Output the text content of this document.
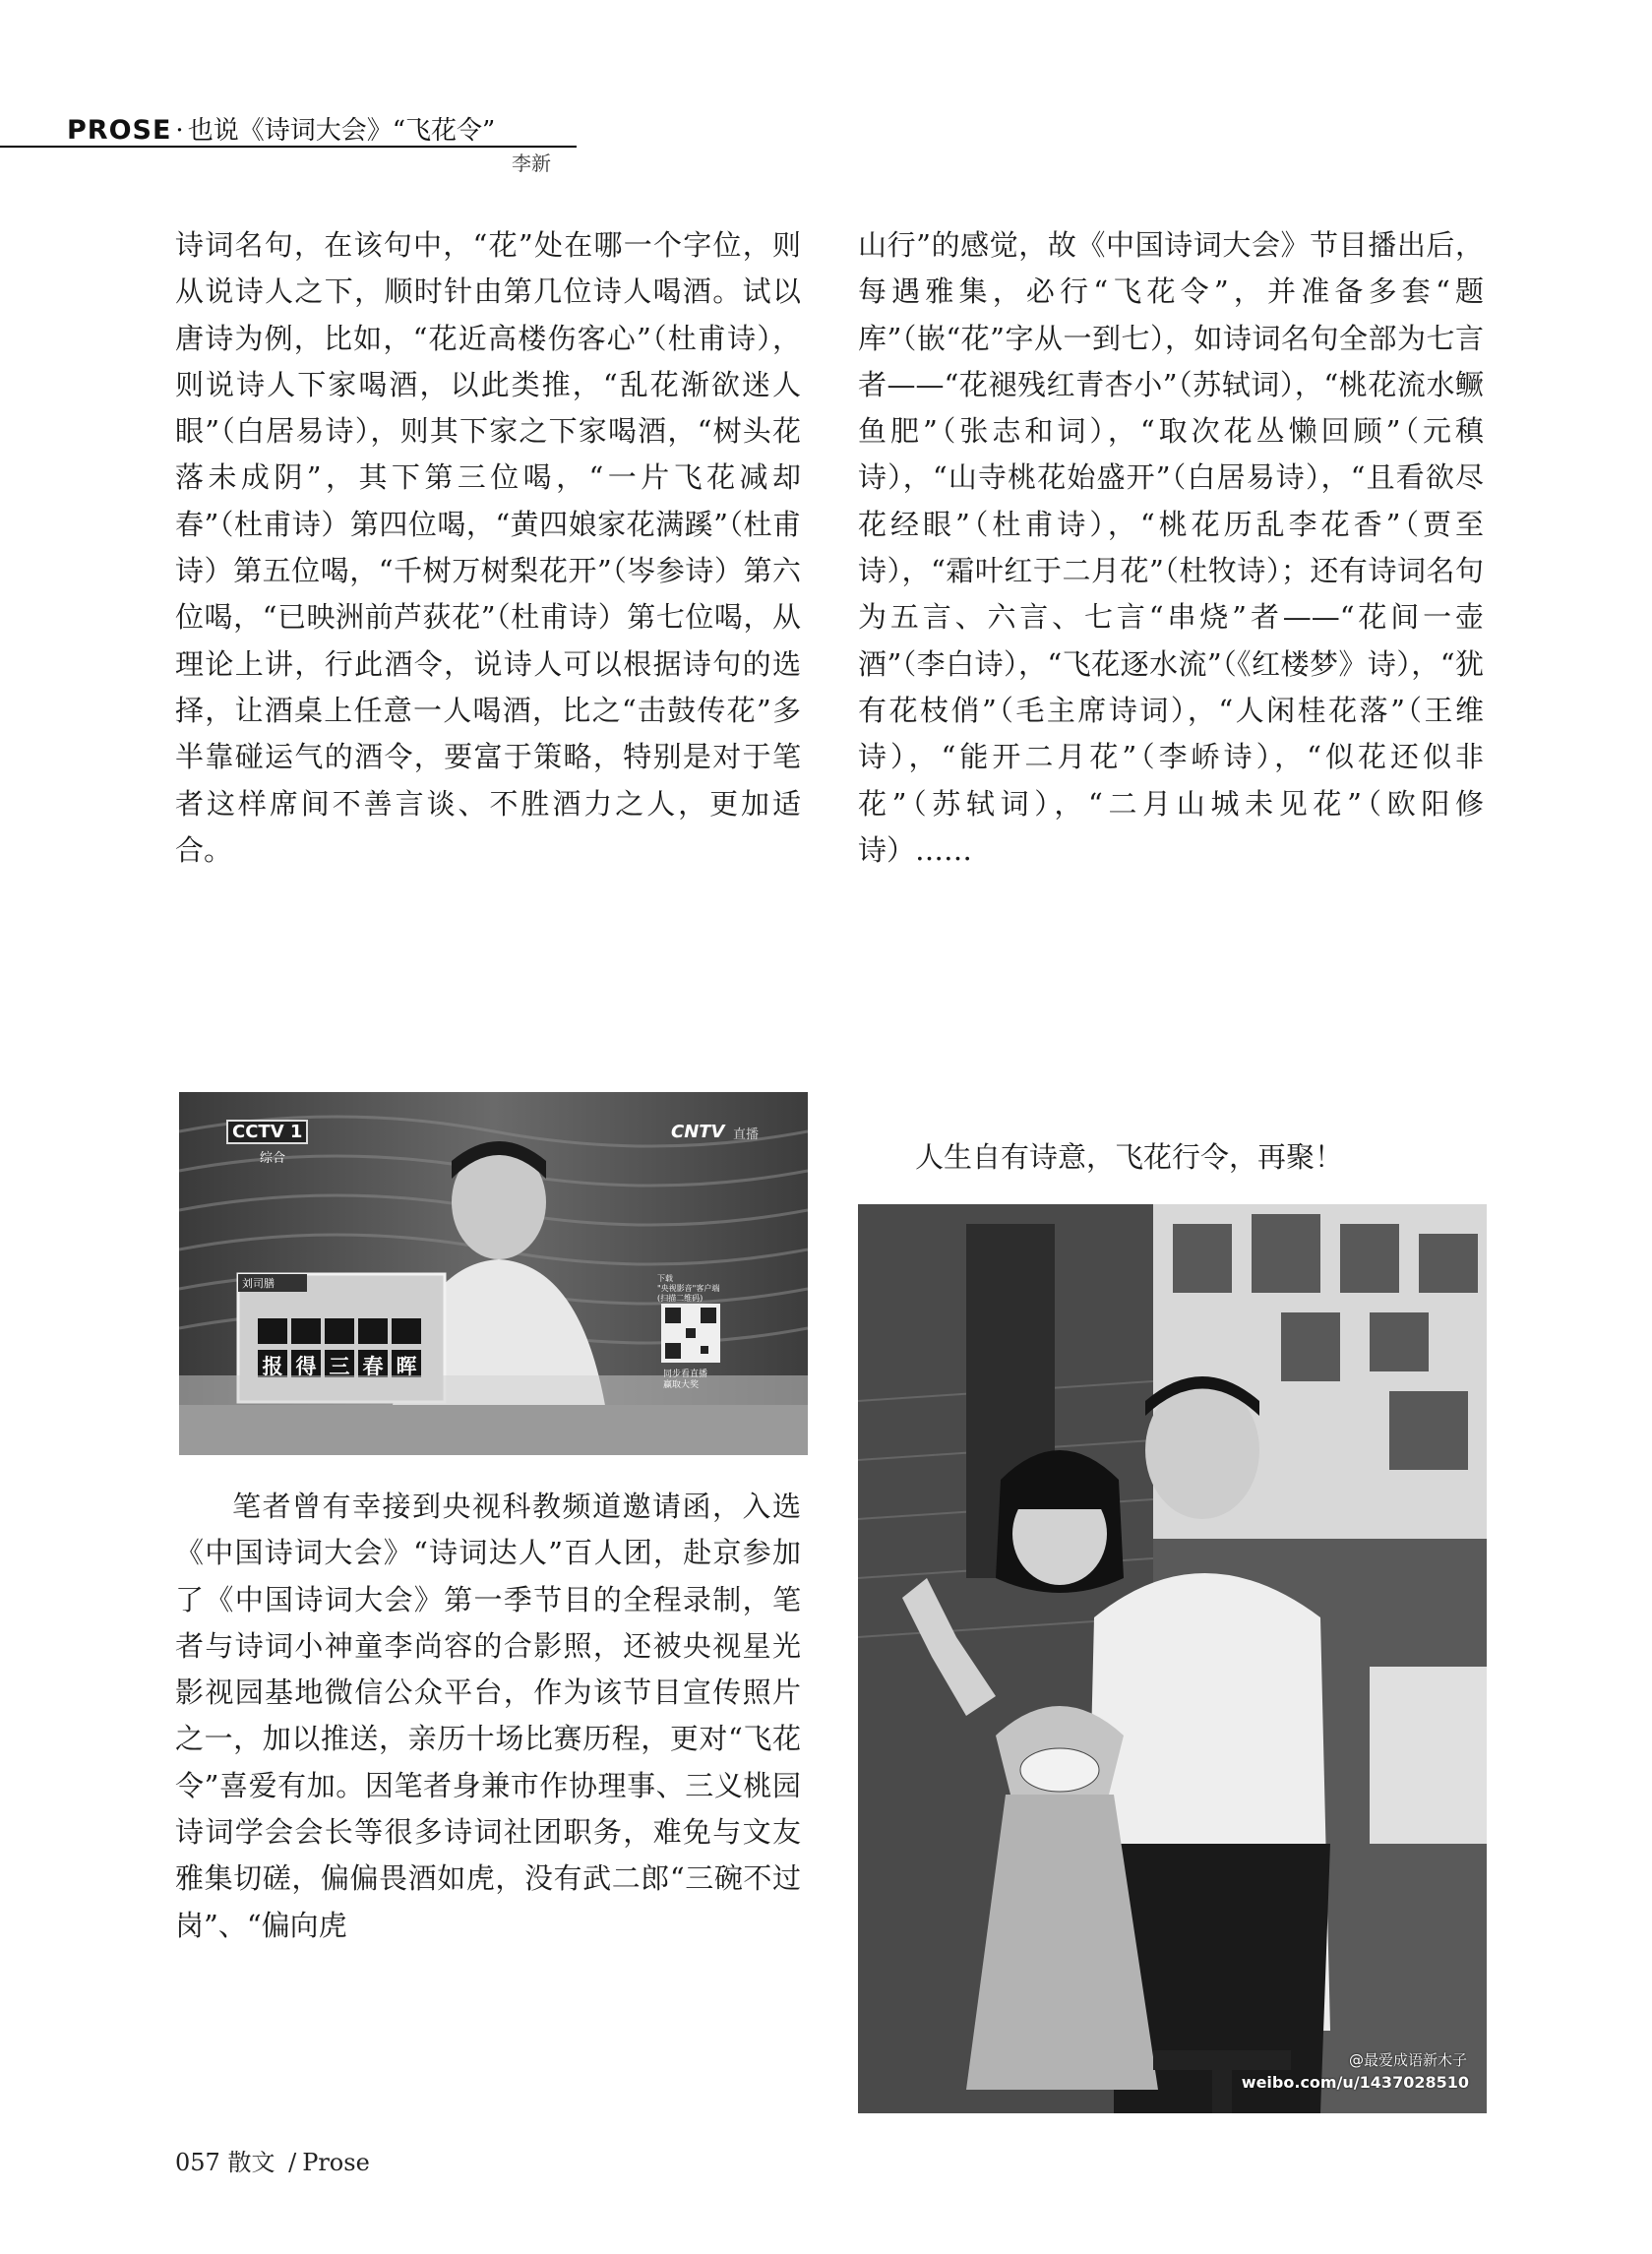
PROSE · 也说《诗词大会》“飞花令”
李新

诗词名句，在该句中，“花”处在哪一个字位，则从说诗人之下，顺时针由第几位诗人喝酒。试以唐诗为例，比如，“花近高楼伤客心”（杜甫诗），则说诗人下家喝酒，以此类推，“乱花渐欲迷人眼”（白居易诗），则其下家之下家喝酒，“树头花落未成阴”，其下第三位喝，“一片飞花减却春”（杜甫诗）第四位喝，“黄四娘家花满蹊”（杜甫诗）第五位喝，“千树万树梨花开”（岑参诗）第六位喝，“已映洲前芦荻花”（杜甫诗）第七位喝，从理论上讲，行此酒令，说诗人可以根据诗句的选择，让酒桌上任意一人喝酒，比之“击鼓传花”多半靠碰运气的酒令，要富于策略，特别是对于笔者这样席间不善言谈、不胜酒力之人，更加适合。

CCTV 1
综合
CNTV 直播
刘司膳
报 得 三 春 晖
下载
"央视影音"客户端
(扫描二维码)
同步看直播
赢取大奖

笔者曾有幸接到央视科教频道邀请函，入选《中国诗词大会》“诗词达人”百人团，赴京参加了《中国诗词大会》第一季节目的全程录制，笔者与诗词小神童李尚容的合影照，还被央视星光影视园基地微信公众平台，作为该节目宣传照片之一，加以推送，亲历十场比赛历程，更对“飞花令”喜爱有加。因笔者身兼市作协理事、三义桃园诗词学会会长等很多诗词社团职务，难免与文友雅集切磋，偏偏畏酒如虎，没有武二郎“三碗不过岗”、“偏向虎

山行”的感觉，故《中国诗词大会》节目播出后，每遇雅集，必行“飞花令”，并准备多套“题库”（嵌“花”字从一到七），如诗词名句全部为七言者——“花褪残红青杏小”（苏轼词），“桃花流水鳜鱼肥”（张志和词），“取次花丛懒回顾”（元稹诗），“山寺桃花始盛开”（白居易诗），“且看欲尽花经眼”（杜甫诗），“桃花历乱李花香”（贾至诗），“霜叶红于二月花”（杜牧诗）；还有诗词名句为五言、六言、七言“串烧”者——“花间一壶酒”（李白诗），“飞花逐水流”（《红楼梦》诗），“犹有花枝俏”（毛主席诗词），“人闲桂花落”（王维诗），“能开二月花”（李峤诗），“似花还似非花”（苏轼词），“二月山城未见花”（欧阳修诗）……

人生自有诗意，飞花行令，再聚！

@最爱成语新木子
weibo.com/u/1437028510
057 散文 / Prose
